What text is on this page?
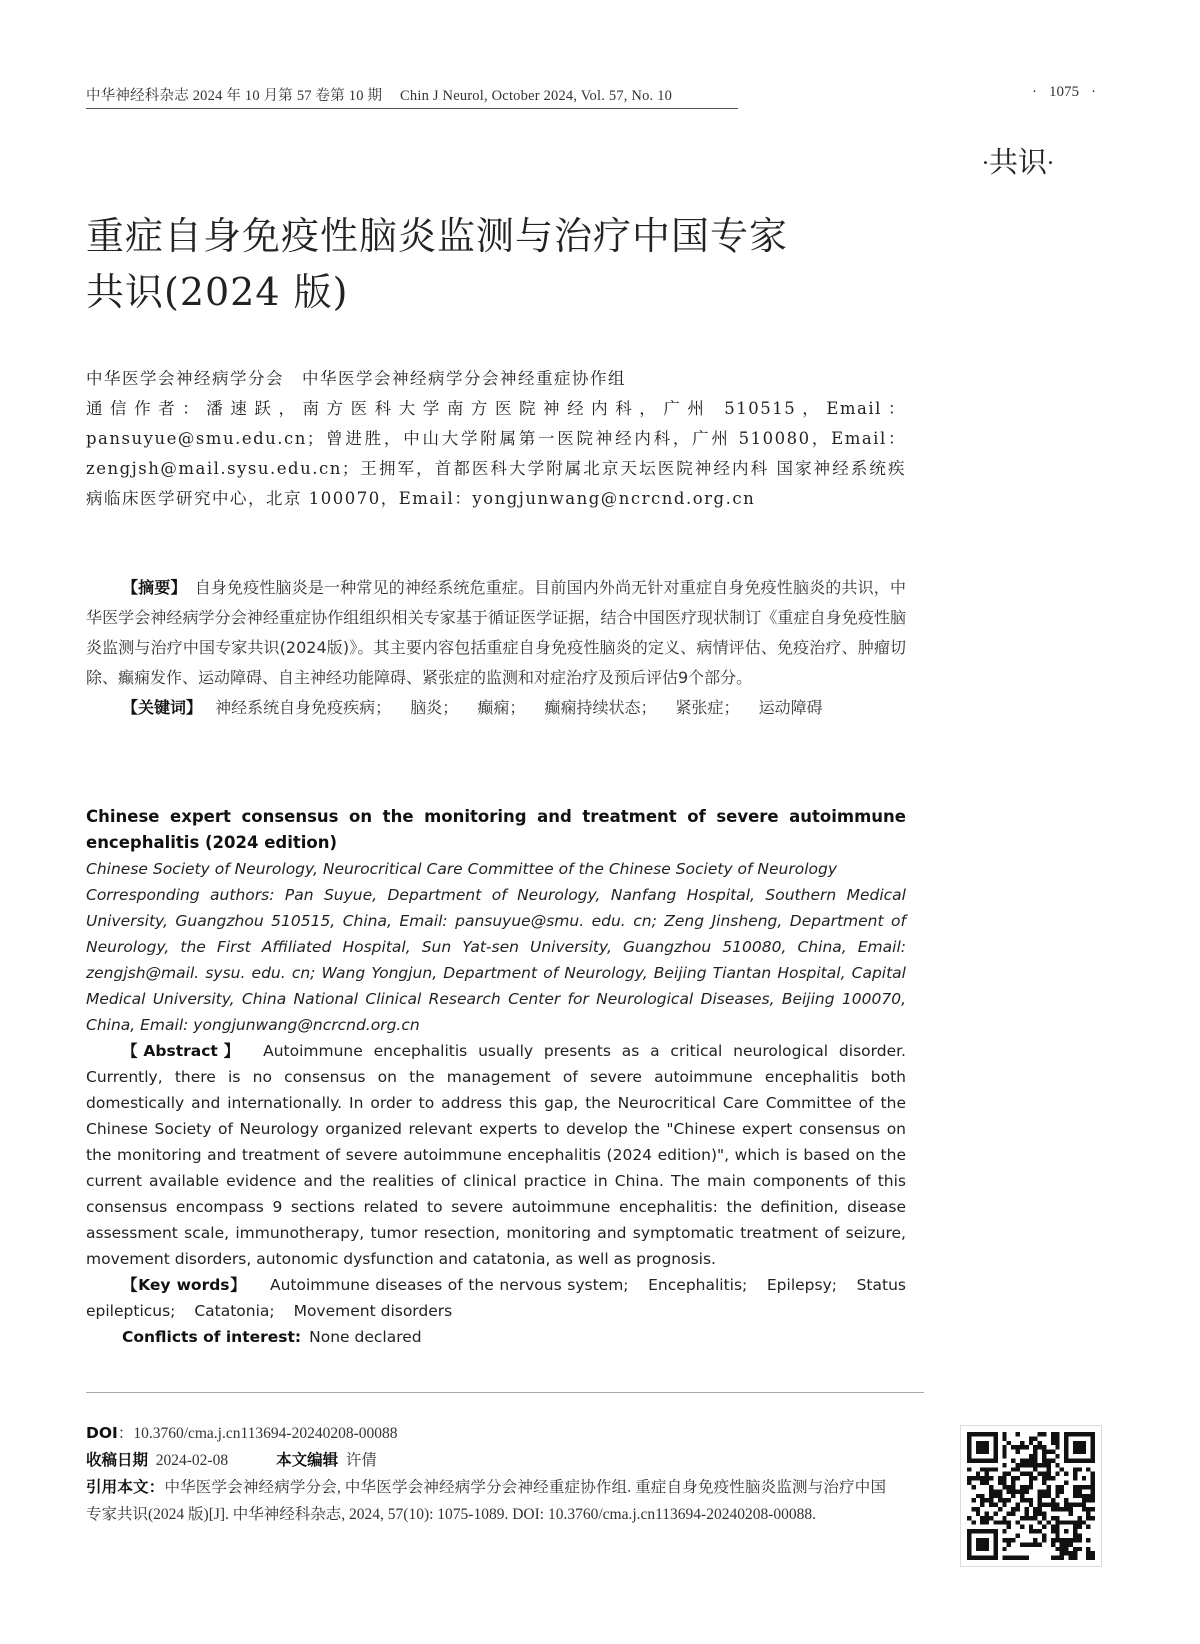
中华神经科杂志 2024 年 10 月第 57 卷第 10 期 Chin J Neurol, October 2024, Vol. 57, No. 10	· 1075 ·
·共识·
重症自身免疫性脑炎监测与治疗中国专家
共识(2024 版)

中华医学会神经病学分会　中华医学会神经病学分会神经重症协作组

通信作者：潘速跃，南方医科大学南方医院神经内科，广州 510515，Email：pansuyue@smu.edu.cn；曾进胜，中山大学附属第一医院神经内科，广州 510080，Email：zengjsh@mail.sysu.edu.cn；王拥军，首都医科大学附属北京天坛医院神经内科 国家神经系统疾病临床医学研究中心，北京 100070，Email：yongjunwang@ncrcnd.org.cn

【摘要】 自身免疫性脑炎是一种常见的神经系统危重症。目前国内外尚无针对重症自身免疫性脑炎的共识，中华医学会神经病学分会神经重症协作组组织相关专家基于循证医学证据，结合中国医疗现状制订《重症自身免疫性脑炎监测与治疗中国专家共识(2024版)》。其主要内容包括重症自身免疫性脑炎的定义、病情评估、免疫治疗、肿瘤切除、癫痫发作、运动障碍、自主神经功能障碍、紧张症的监测和对症治疗及预后评估9个部分。

【关键词】 神经系统自身免疫疾病； 脑炎； 癫痫； 癫痫持续状态； 紧张症； 运动障碍

Chinese expert consensus on the monitoring and treatment of severe autoimmune
encephalitis (2024 edition)

Chinese Society of Neurology, Neurocritical Care Committee of the Chinese Society of Neurology

Corresponding authors: Pan Suyue, Department of Neurology, Nanfang Hospital, Southern Medical University, Guangzhou 510515, China, Email: pansuyue@smu. edu. cn; Zeng Jinsheng, Department of Neurology, the First Affiliated Hospital, Sun Yat-sen University, Guangzhou 510080, China, Email: zengjsh@mail. sysu. edu. cn; Wang Yongjun, Department of Neurology, Beijing Tiantan Hospital, Capital Medical University, China National Clinical Research Center for Neurological Diseases, Beijing 100070, China, Email: yongjunwang@ncrcnd.org.cn

【Abstract】 Autoimmune encephalitis usually presents as a critical neurological disorder. Currently, there is no consensus on the management of severe autoimmune encephalitis both domestically and internationally. In order to address this gap, the Neurocritical Care Committee of the Chinese Society of Neurology organized relevant experts to develop the "Chinese expert consensus on the monitoring and treatment of severe autoimmune encephalitis (2024 edition)", which is based on the current available evidence and the realities of clinical practice in China. The main components of this consensus encompass 9 sections related to severe autoimmune encephalitis: the definition, disease assessment scale, immunotherapy, tumor resection, monitoring and symptomatic treatment of seizure, movement disorders, autonomic dysfunction and catatonia, as well as prognosis.

【Key words】 Autoimmune diseases of the nervous system; Encephalitis; Epilepsy; Status epilepticus; Catatonia; Movement disorders

Conflicts of interest: None declared

DOI：10.3760/cma.j.cn113694-20240208-00088

收稿日期 2024-02-08	本文编辑 许倩

引用本文：中华医学会神经病学分会, 中华医学会神经病学分会神经重症协作组. 重症自身免疫性脑炎监测与治疗中国专家共识(2024 版)[J]. 中华神经科杂志, 2024, 57(10): 1075-1089. DOI: 10.3760/cma.j.cn113694-20240208-00088.
